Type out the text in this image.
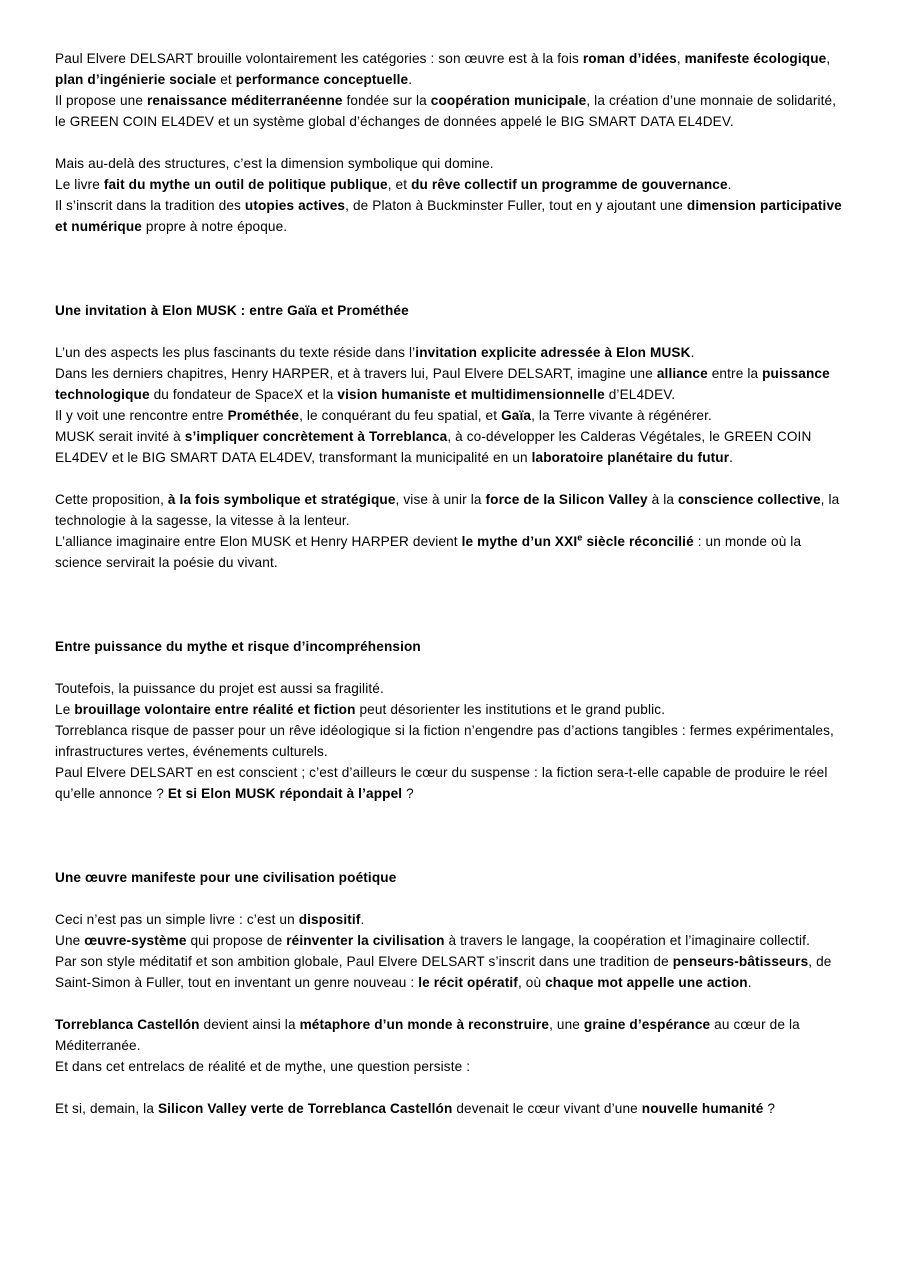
Paul Elvere DELSART brouille volontairement les catégories : son œuvre est à la fois roman d’idées, manifeste écologique, plan d’ingénierie sociale et performance conceptuelle.
Il propose une renaissance méditerranéenne fondée sur la coopération municipale, la création d’une monnaie de solidarité, le GREEN COIN EL4DEV et un système global d’échanges de données appelé le BIG SMART DATA EL4DEV.

Mais au-delà des structures, c’est la dimension symbolique qui domine.
Le livre fait du mythe un outil de politique publique, et du rêve collectif un programme de gouvernance.
Il s’inscrit dans la tradition des utopies actives, de Platon à Buckminster Fuller, tout en y ajoutant une dimension participative et numérique propre à notre époque.

Une invitation à Elon MUSK : entre Gaïa et Prométhée

L’un des aspects les plus fascinants du texte réside dans l’invitation explicite adressée à Elon MUSK.
Dans les derniers chapitres, Henry HARPER, et à travers lui, Paul Elvere DELSART, imagine une alliance entre la puissance technologique du fondateur de SpaceX et la vision humaniste et multidimensionnelle d’EL4DEV.
Il y voit une rencontre entre Prométhée, le conquérant du feu spatial, et Gaïa, la Terre vivante à régénérer.
MUSK serait invité à s’impliquer concrètement à Torreblanca, à co-développer les Calderas Végétales, le GREEN COIN EL4DEV et le BIG SMART DATA EL4DEV, transformant la municipalité en un laboratoire planétaire du futur.

Cette proposition, à la fois symbolique et stratégique, vise à unir la force de la Silicon Valley à la conscience collective, la technologie à la sagesse, la vitesse à la lenteur.
L’alliance imaginaire entre Elon MUSK et Henry HARPER devient le mythe d’un XXIe siècle réconcilié : un monde où la science servirait la poésie du vivant.

Entre puissance du mythe et risque d’incompréhension

Toutefois, la puissance du projet est aussi sa fragilité.
Le brouillage volontaire entre réalité et fiction peut désorienter les institutions et le grand public.
Torreblanca risque de passer pour un rêve idéologique si la fiction n’engendre pas d’actions tangibles : fermes expérimentales, infrastructures vertes, événements culturels.
Paul Elvere DELSART en est conscient ; c’est d’ailleurs le cœur du suspense : la fiction sera-t-elle capable de produire le réel qu’elle annonce ? Et si Elon MUSK répondait à l’appel ?

Une œuvre manifeste pour une civilisation poétique

Ceci n’est pas un simple livre : c’est un dispositif.
Une œuvre-système qui propose de réinventer la civilisation à travers le langage, la coopération et l’imaginaire collectif.
Par son style méditatif et son ambition globale, Paul Elvere DELSART s’inscrit dans une tradition de penseurs-bâtisseurs, de Saint-Simon à Fuller, tout en inventant un genre nouveau : le récit opératif, où chaque mot appelle une action.

Torreblanca Castellón devient ainsi la métaphore d’un monde à reconstruire, une graine d’espérance au cœur de la Méditerranée.
Et dans cet entrelacs de réalité et de mythe, une question persiste :

Et si, demain, la Silicon Valley verte de Torreblanca Castellón devenait le cœur vivant d’une nouvelle humanité ?
